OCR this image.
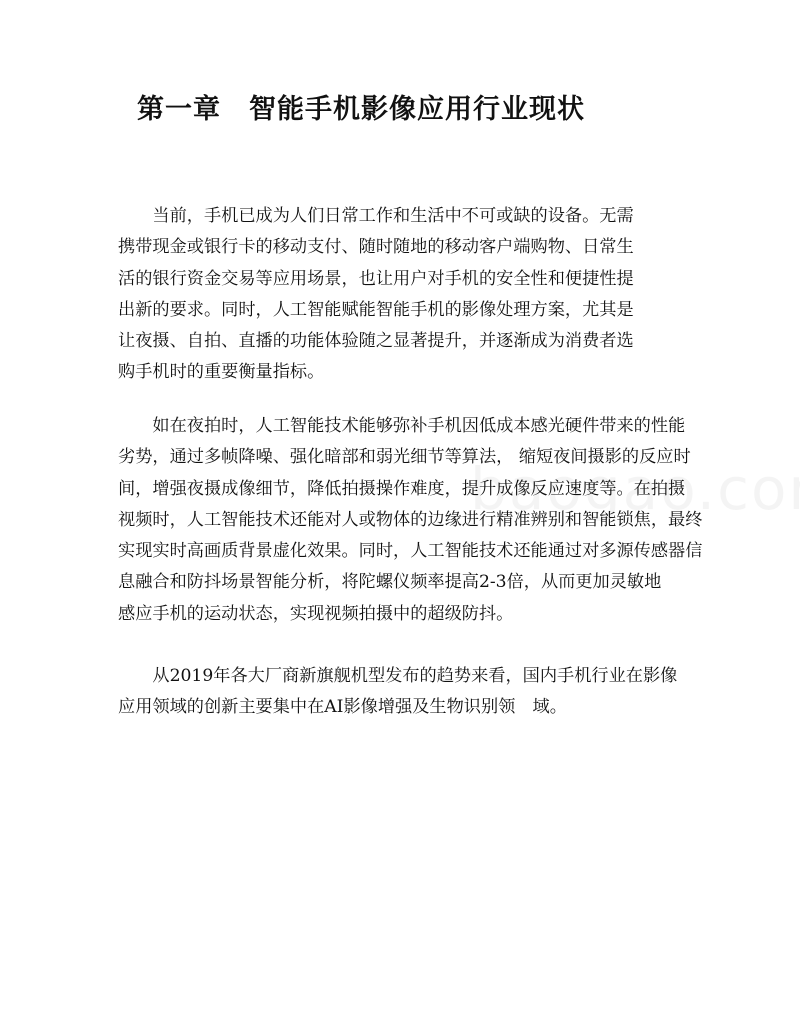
第一章 智能手机影像应用行业现状

　　当前，手机已成为人们日常工作和生活中不可或缺的设备。无需
携带现金或银行卡的移动支付、随时随地的移动客户端购物、日常生
活的银行资金交易等应用场景，也让用户对手机的安全性和便捷性提
出新的要求。同时，人工智能赋能智能手机的影像处理方案，尤其是
让夜摄、自拍、直播的功能体验随之显著提升，并逐渐成为消费者选
购手机时的重要衡量指标。

　　如在夜拍时，人工智能技术能够弥补手机因低成本感光硬件带来的性能
劣势，通过多帧降噪、强化暗部和弱光细节等算法， 缩短夜间摄影的反应时
间，增强夜摄成像细节，降低拍摄操作难度，提升成像反应速度等。在拍摄
视频时，人工智能技术还能对人或物体的边缘进行精准辨别和智能锁焦，最终
实现实时高画质背景虚化效果。同时，人工智能技术还能通过对多源传感器信
息融合和防抖场景智能分析，将陀螺仪频率提高2-3倍，从而更加灵敏地
感应手机的运动状态，实现视频拍摄中的超级防抖。

　　从2019年各大厂商新旗舰机型发布的趋势来看，国内手机行业在影像
应用领域的创新主要集中在AI影像增强及生物识别领　域。
